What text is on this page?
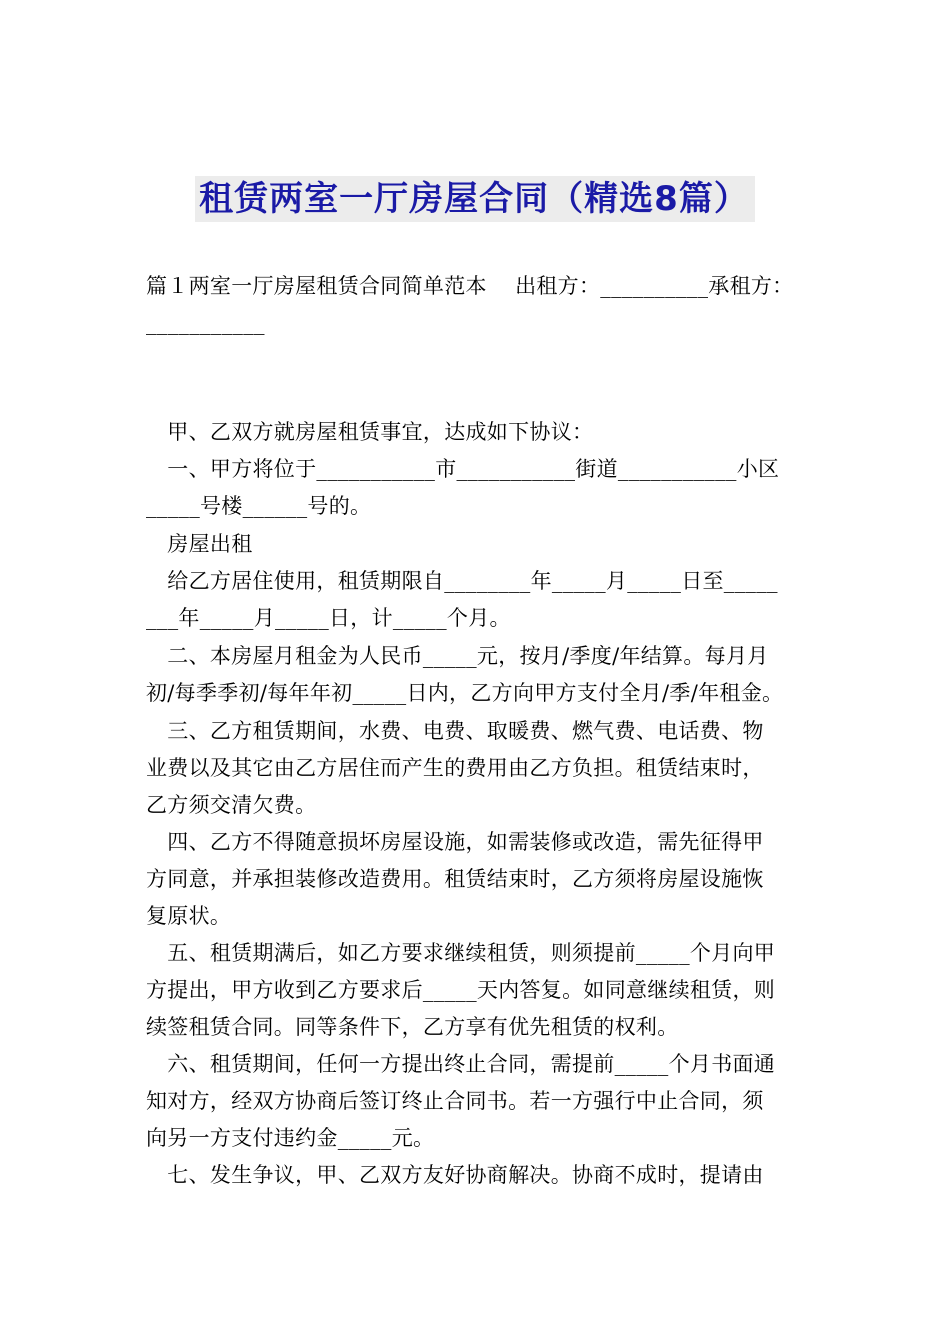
租赁两室一厅房屋合同（精选8篇）
篇１两室一厅房屋租赁合同简单范本　 出租方：__________承租方：
___________
　甲、乙双方就房屋租赁事宜，达成如下协议：
　一、甲方将位于___________市___________街道___________小区
_____号楼______号的。
　房屋出租
　给乙方居住使用，租赁期限自________年_____月_____日至_____
___年_____月_____日，计_____个月。
　二、本房屋月租金为人民币_____元，按月/季度/年结算。每月月
初/每季季初/每年年初_____日内，乙方向甲方支付全月/季/年租金。
　三、乙方租赁期间，水费、电费、取暖费、燃气费、电话费、物
业费以及其它由乙方居住而产生的费用由乙方负担。租赁结束时，
乙方须交清欠费。
　四、乙方不得随意损坏房屋设施，如需装修或改造，需先征得甲
方同意，并承担装修改造费用。租赁结束时，乙方须将房屋设施恢
复原状。
　五、租赁期满后，如乙方要求继续租赁，则须提前_____个月向甲
方提出，甲方收到乙方要求后_____天内答复。如同意继续租赁，则
续签租赁合同。同等条件下，乙方享有优先租赁的权利。
　六、租赁期间，任何一方提出终止合同，需提前_____个月书面通
知对方，经双方协商后签订终止合同书。若一方强行中止合同，须
向另一方支付违约金_____元。
　七、发生争议，甲、乙双方友好协商解决。协商不成时，提请由
